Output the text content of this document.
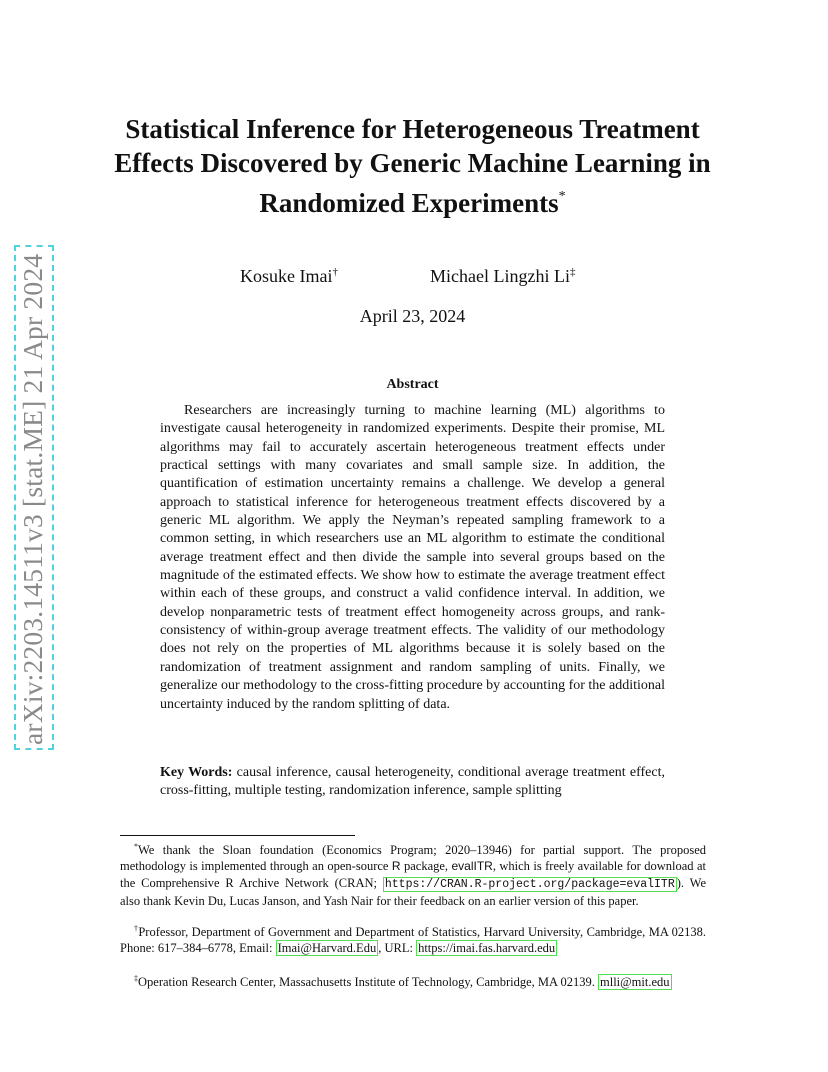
arXiv:2203.14511v3 [stat.ME] 21 Apr 2024
Statistical Inference for Heterogeneous Treatment Effects Discovered by Generic Machine Learning in Randomized Experiments*
Kosuke Imai†	Michael Lingzhi Li‡
April 23, 2024
Abstract
Researchers are increasingly turning to machine learning (ML) algorithms to investigate causal heterogeneity in randomized experiments. Despite their promise, ML algorithms may fail to accurately ascertain heterogeneous treatment effects under practical settings with many covariates and small sample size. In addition, the quantification of estimation uncertainty remains a challenge. We develop a general approach to statistical inference for heterogeneous treatment effects discovered by a generic ML algorithm. We apply the Neyman’s repeated sampling framework to a common setting, in which researchers use an ML algorithm to estimate the conditional average treatment effect and then divide the sample into several groups based on the magnitude of the estimated effects. We show how to estimate the average treatment effect within each of these groups, and construct a valid confidence interval. In addition, we develop nonparametric tests of treatment effect homogeneity across groups, and rank-consistency of within-group average treatment effects. The validity of our methodology does not rely on the properties of ML algorithms because it is solely based on the randomization of treatment assignment and random sampling of units. Finally, we generalize our methodology to the cross-fitting procedure by accounting for the additional uncertainty induced by the random splitting of data.
Key Words: causal inference, causal heterogeneity, conditional average treatment effect, cross-fitting, multiple testing, randomization inference, sample splitting
*We thank the Sloan foundation (Economics Program; 2020–13946) for partial support. The proposed methodology is implemented through an open-source R package, evalITR, which is freely available for download at the Comprehensive R Archive Network (CRAN; https://CRAN.R-project.org/package=evalITR ). We also thank Kevin Du, Lucas Janson, and Yash Nair for their feedback on an earlier version of this paper.
†Professor, Department of Government and Department of Statistics, Harvard University, Cambridge, MA 02138. Phone: 617–384–6778, Email: Imai@Harvard.Edu , URL: https://imai.fas.harvard.edu
‡Operation Research Center, Massachusetts Institute of Technology, Cambridge, MA 02139. mlli@mit.edu
